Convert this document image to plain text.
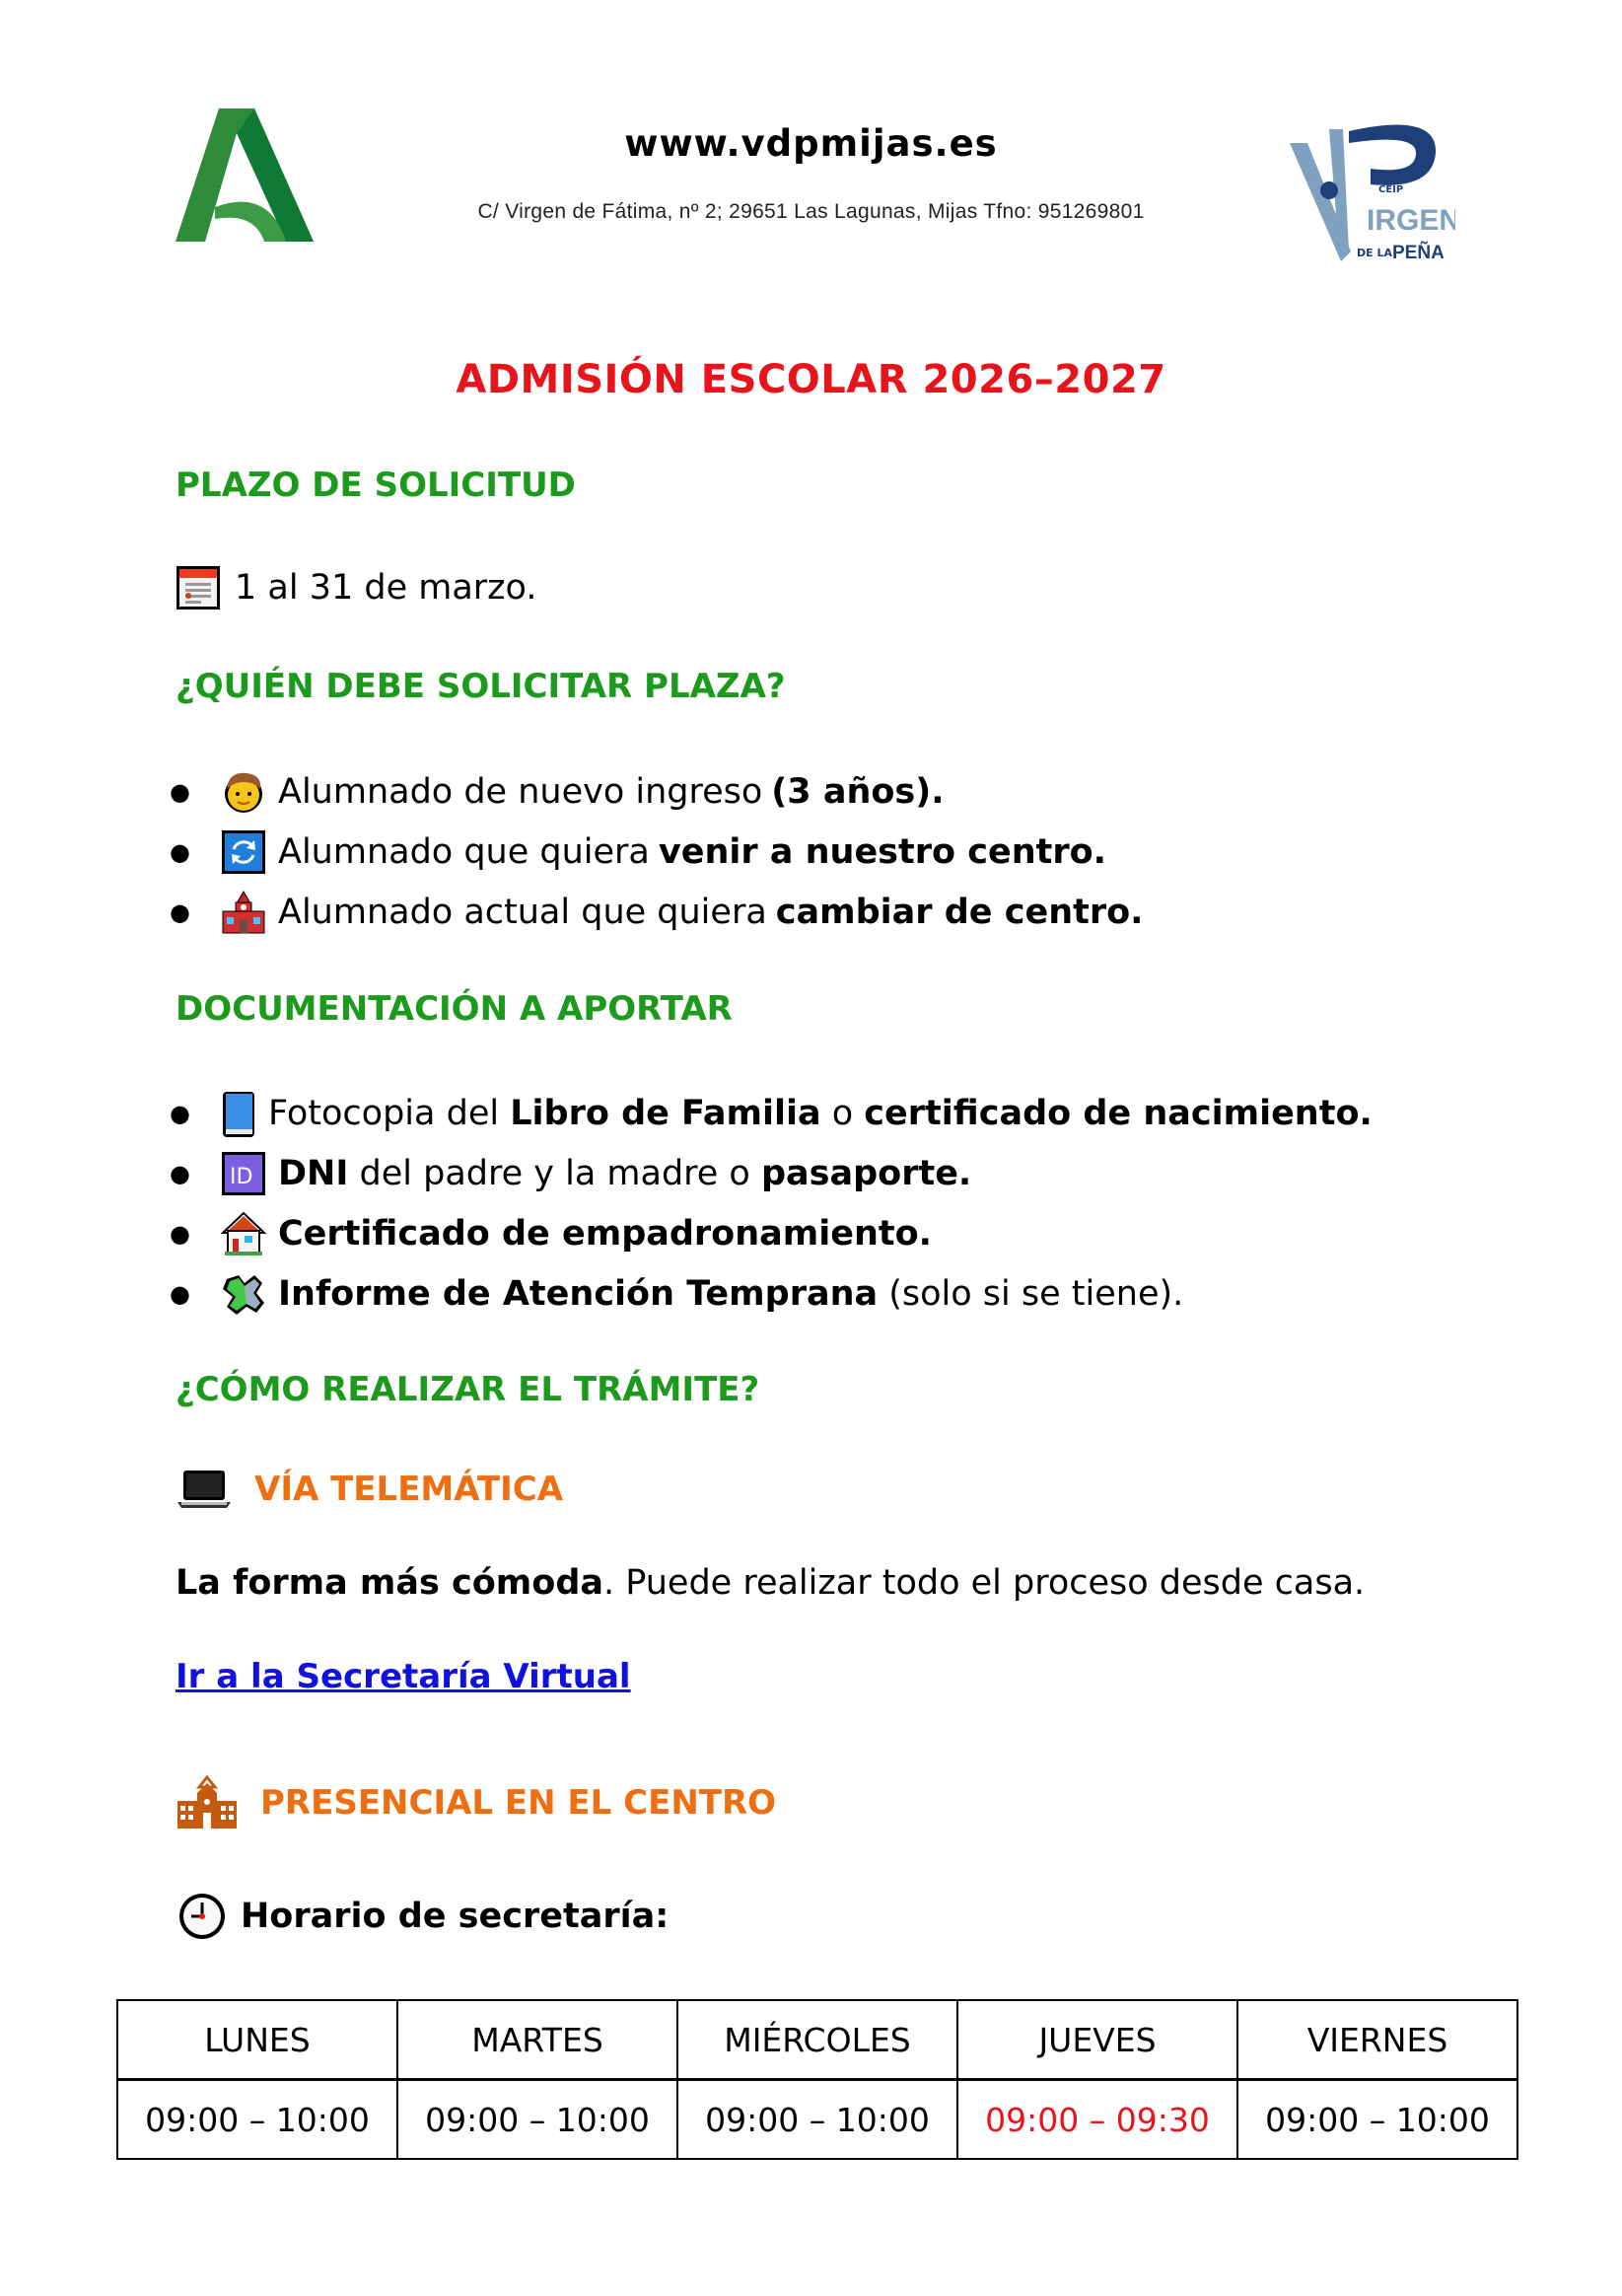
www.vdpmijas.es
C/ Virgen de Fátima, nº 2; 29651 Las Lagunas, Mijas Tfno: 951269801
CEIP
IRGEN
DE LA PEÑA
ADMISIÓN ESCOLAR 2026–2027
PLAZO DE SOLICITUD
1 al 31 de marzo.
¿QUIÉN DEBE SOLICITAR PLAZA?
●	Alumnado de nuevo ingreso (3 años).
●	Alumnado que quiera venir a nuestro centro.
●	Alumnado actual que quiera cambiar de centro.
DOCUMENTACIÓN A APORTAR
●	Fotocopia del Libro de Familia o certificado de nacimiento.
●	ID DNI del padre y la madre o pasaporte.
●	Certificado de empadronamiento.
●	Informe de Atención Temprana (solo si se tiene).
¿CÓMO REALIZAR EL TRÁMITE?
VÍA TELEMÁTICA
La forma más cómoda . Puede realizar todo el proceso desde casa.
Ir a la Secretaría Virtual
PRESENCIAL EN EL CENTRO
Horario de secretaría:
LUNES	MARTES	MIÉRCOLES	JUEVES	VIERNES
09:00 – 10:00	09:00 – 10:00	09:00 – 10:00	09:00 – 09:30	09:00 – 10:00
